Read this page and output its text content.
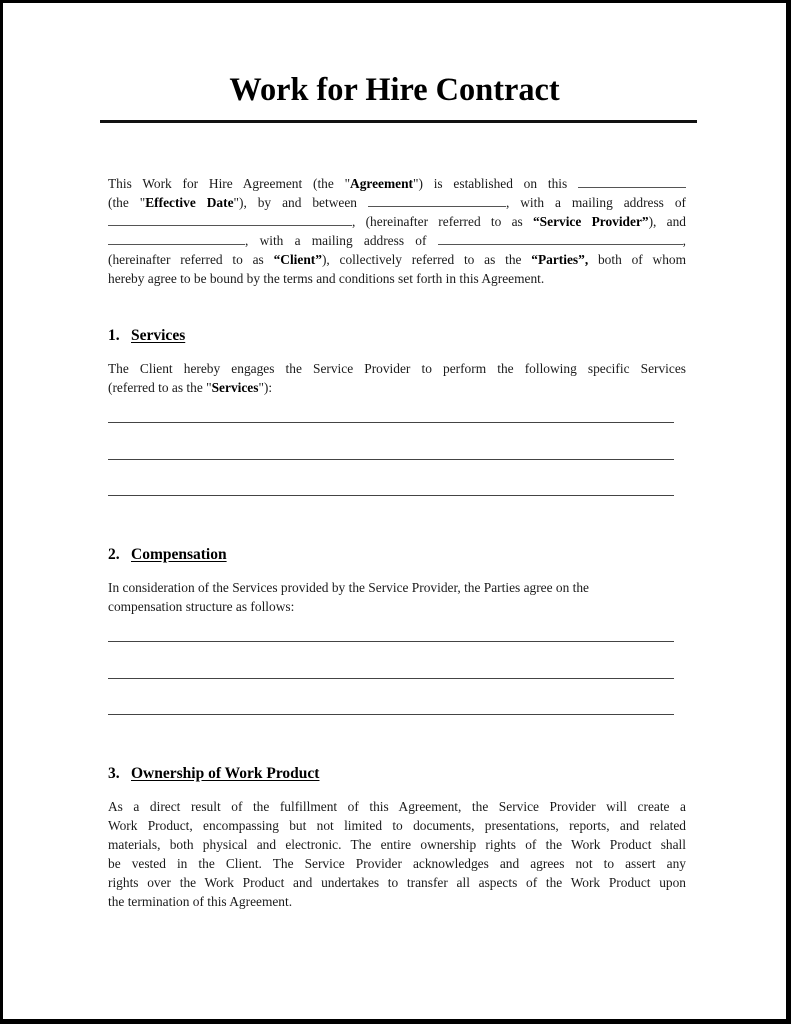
Work for Hire Contract
This Work for Hire Agreement (the "Agreement") is established on this
(the "Effective Date"), by and between	, with a mailing address of
, (hereinafter referred to as “Service Provider”), and
, with a mailing address of	,
(hereinafter referred to as “Client”), collectively referred to as the “Parties”, both of whom
hereby agree to be bound by the terms and conditions set forth in this Agreement.
1. Services
The Client hereby engages the Service Provider to perform the following specific Services
(referred to as the "Services"):
2. Compensation
In consideration of the Services provided by the Service Provider, the Parties agree on the
compensation structure as follows:
3. Ownership of Work Product
As a direct result of the fulfillment of this Agreement, the Service Provider will create a
Work Product, encompassing but not limited to documents, presentations, reports, and related
materials, both physical and electronic. The entire ownership rights of the Work Product shall
be vested in the Client. The Service Provider acknowledges and agrees not to assert any
rights over the Work Product and undertakes to transfer all aspects of the Work Product upon
the termination of this Agreement.
